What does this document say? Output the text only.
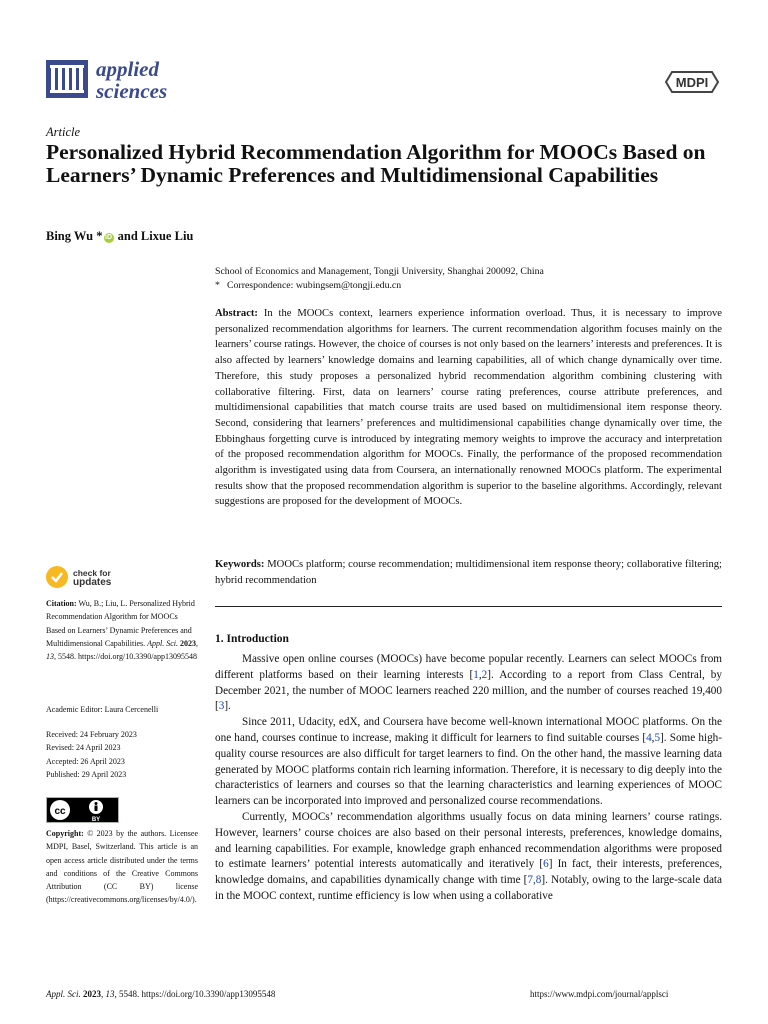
applied
sciences	MDPI
Article
Personalized Hybrid Recommendation Algorithm for MOOCs Based on Learners’ Dynamic Preferences and Multidimensional Capabilities
Bing Wu * iD and Lixue Liu
School of Economics and Management, Tongji University, Shanghai 200092, China
* Correspondence: wubingsem@tongji.edu.cn
Abstract: In the MOOCs context, learners experience information overload. Thus, it is necessary to improve personalized recommendation algorithms for learners. The current recommendation algorithm focuses mainly on the learners’ course ratings. However, the choice of courses is not only based on the learners’ interests and preferences. It is also affected by learners’ knowledge domains and learning capabilities, all of which change dynamically over time. Therefore, this study proposes a personalized hybrid recommendation algorithm combining clustering with collaborative filtering. First, data on learners’ course rating preferences, course attribute preferences, and multidimensional capabilities that match course traits are used based on multidimensional item response theory. Second, considering that learners’ preferences and multidimensional capabilities change dynamically over time, the Ebbinghaus forgetting curve is introduced by integrating memory weights to improve the accuracy and interpretation of the proposed recommendation algorithm for MOOCs. Finally, the performance of the proposed recommendation algorithm is investigated using data from Coursera, an internationally renowned MOOCs platform. The experimental results show that the proposed recommendation algorithm is superior to the baseline algorithms. Accordingly, relevant suggestions are proposed for the development of MOOCs.
Keywords: MOOCs platform; course recommendation; multidimensional item response theory; collaborative filtering; hybrid recommendation
1. Introduction

Massive open online courses (MOOCs) have become popular recently. Learners can select MOOCs from different platforms based on their learning interests [1,2]. According to a report from Class Central, by December 2021, the number of MOOC learners reached 220 million, and the number of courses reached 19,400 [3].

Since 2011, Udacity, edX, and Coursera have become well-known international MOOC platforms. On the one hand, courses continue to increase, making it difficult for learners to find suitable courses [4,5]. Some high-quality course resources are also difficult for target learners to find. On the other hand, the massive learning data generated by MOOC platforms contain rich learning information. Therefore, it is necessary to dig deeply into the characteristics of learners and courses so that the learning characteristics and learning experiences of MOOC learners can be incorporated into improved and personalized course recommendations.

Currently, MOOCs’ recommendation algorithms usually focus on data mining learners’ course ratings. However, learners’ course choices are also based on their personal interests, preferences, knowledge domains, and learning capabilities. For example, knowledge graph enhanced recommendation algorithms were proposed to estimate learners’ potential interests automatically and iteratively [6] In fact, their interests, preferences, knowledge domains, and capabilities dynamically change with time [7,8]. Notably, owing to the large-scale data in the MOOC context, runtime efficiency is low when using a collaborative

check for
updates
Citation: Wu, B.; Liu, L. Personalized Hybrid Recommendation Algorithm for MOOCs Based on Learners’ Dynamic Preferences and Multidimensional Capabilities. Appl. Sci. 2023, 13, 5548. https://doi.org/10.3390/app13095548
Academic Editor: Laura Cercenelli
Received: 24 February 2023
Revised: 24 April 2023
Accepted: 26 April 2023
Published: 29 April 2023
cc
BY
Copyright: © 2023 by the authors. Licensee MDPI, Basel, Switzerland. This article is an open access article distributed under the terms and conditions of the Creative Commons Attribution (CC BY) license (https://creativecommons.org/licenses/by/4.0/).
Appl. Sci. 2023, 13, 5548. https://doi.org/10.3390/app13095548	https://www.mdpi.com/journal/applsci
